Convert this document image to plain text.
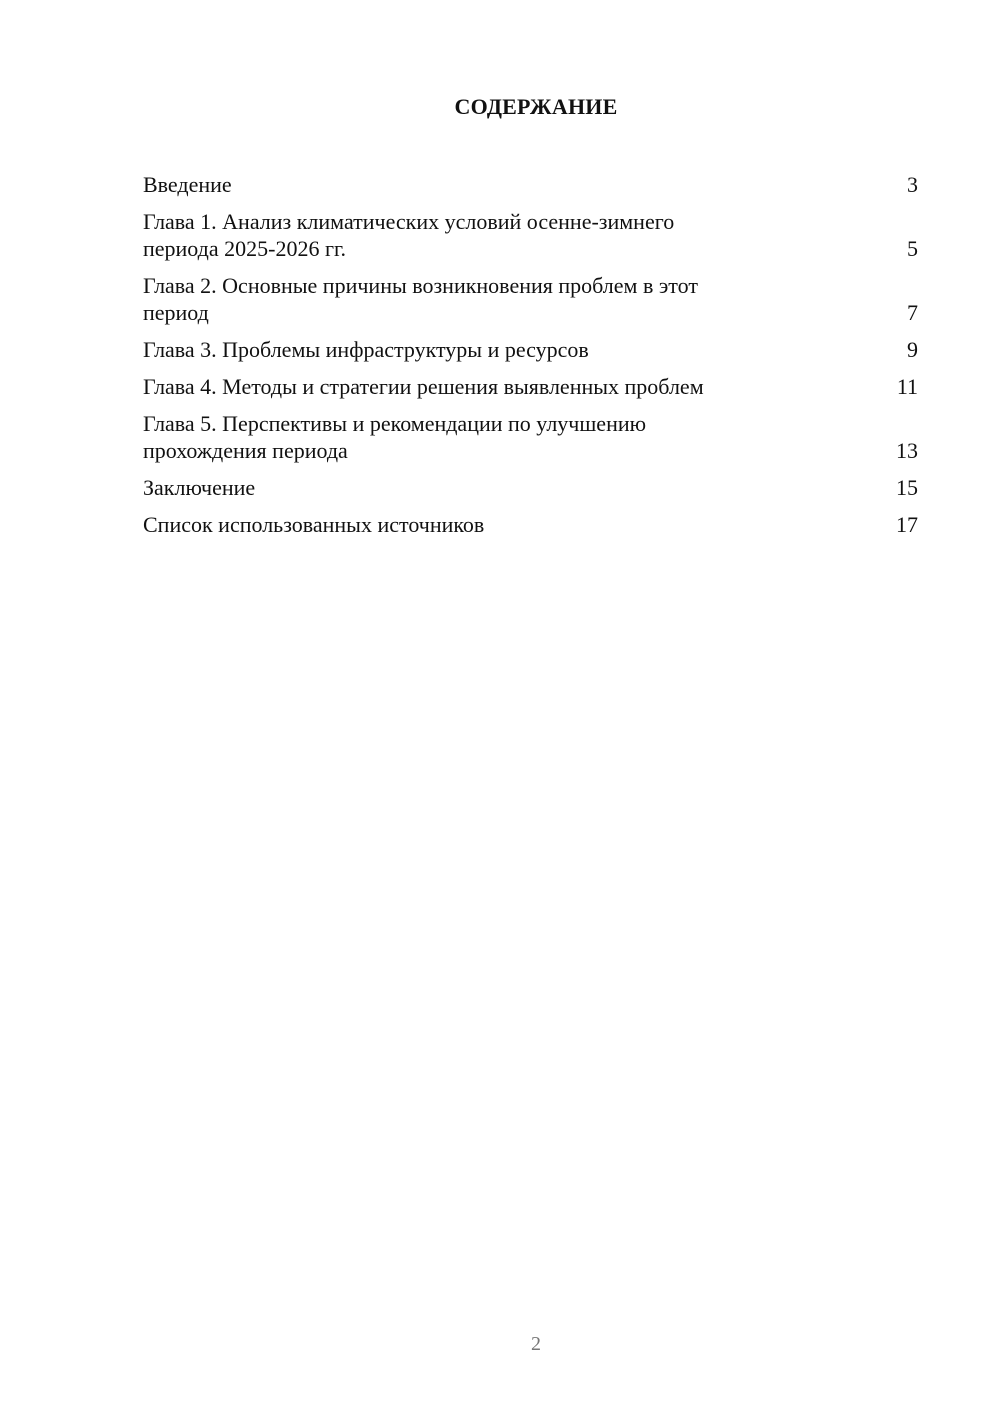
СОДЕРЖАНИЕ
Введение	3
Глава 1. Анализ климатических условий осенне-зимнего
периода 2025-2026 гг.	5
Глава 2. Основные причины возникновения проблем в этот
период	7
Глава 3. Проблемы инфраструктуры и ресурсов	9
Глава 4. Методы и стратегии решения выявленных проблем	11
Глава 5. Перспективы и рекомендации по улучшению
прохождения периода	13
Заключение	15
Список использованных источников	17
2
